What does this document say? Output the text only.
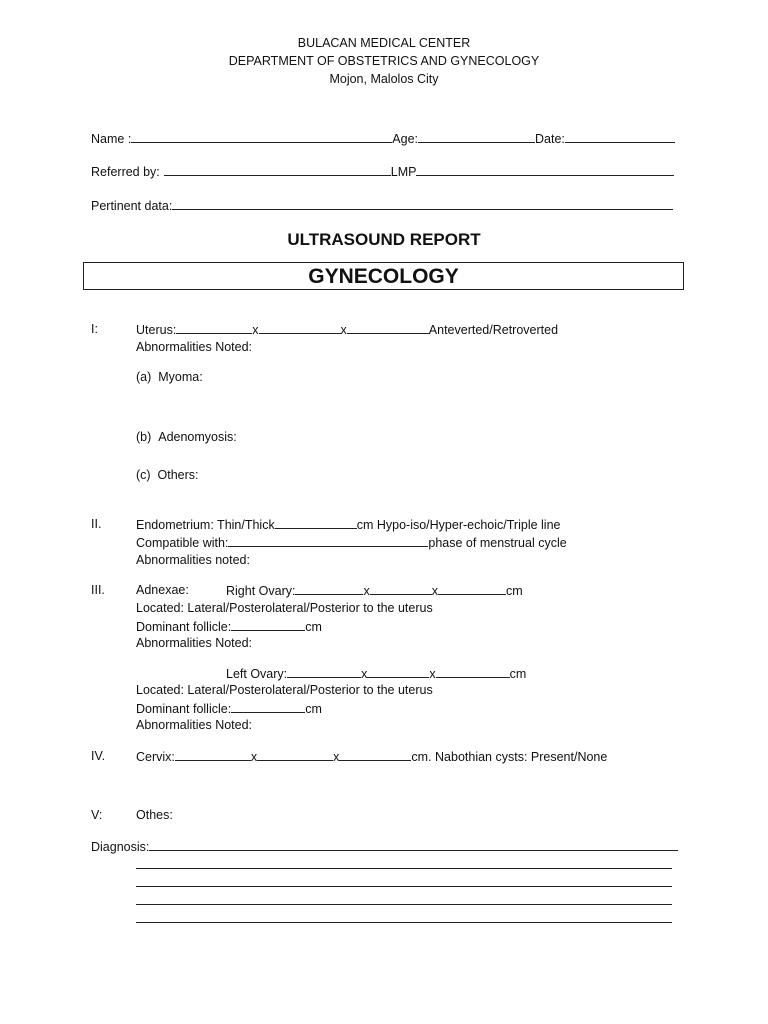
BULACAN MEDICAL CENTER
DEPARTMENT OF OBSTETRICS AND GYNECOLOGY
Mojon, Malolos City
Name :	Age:	Date:
Referred by:	LMP
Pertinent data:
ULTRASOUND REPORT
GYNECOLOGY
I:	Uterus:	x	x	Anteverted/Retroverted
Abnormalities Noted:
(a) Myoma:
(b) Adenomyosis:
(c) Others:
II.	Endometrium: Thin/Thick	cm Hypo-iso/Hyper-echoic/Triple line
Compatible with:	phase of menstrual cycle
Abnormalities noted:
III. Adnexae:	Right Ovary:	x	x	cm
Located: Lateral/Posterolateral/Posterior to the uterus
Dominant follicle:	cm
Abnormalities Noted:
Left Ovary:	x	x	cm
Located: Lateral/Posterolateral/Posterior to the uterus
Dominant follicle:	cm
Abnormalities Noted:
IV. Cervix:	x	x	cm. Nabothian cysts: Present/None
V:	Othes:
Diagnosis:
